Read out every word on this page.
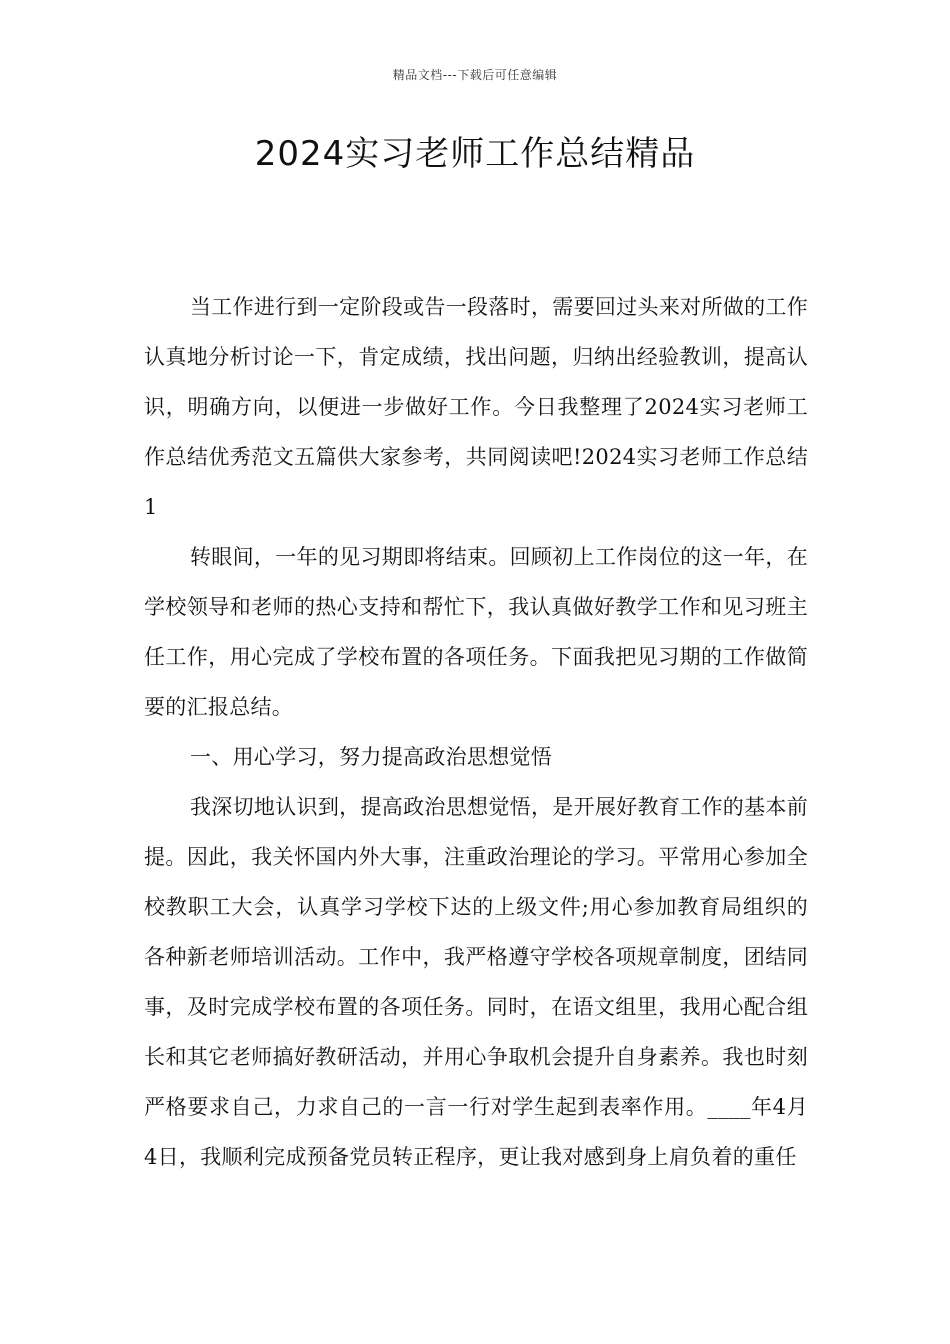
精品文档---下载后可任意编辑
2024实习老师工作总结精品

当工作进行到一定阶段或告一段落时，需要回过头来对所做的工作认真地分析讨论一下，肯定成绩，找出问题，归纳出经验教训，提高认识，明确方向，以便进一步做好工作。今日我整理了2024实习老师工作总结优秀范文五篇供大家参考，共同阅读吧!2024实习老师工作总结1

转眼间，一年的见习期即将结束。回顾初上工作岗位的这一年，在学校领导和老师的热心支持和帮忙下，我认真做好教学工作和见习班主任工作，用心完成了学校布置的各项任务。下面我把见习期的工作做简要的汇报总结。

一、用心学习，努力提高政治思想觉悟

我深切地认识到，提高政治思想觉悟，是开展好教育工作的基本前提。因此，我关怀国内外大事，注重政治理论的学习。平常用心参加全校教职工大会，认真学习学校下达的上级文件;用心参加教育局组织的各种新老师培训活动。工作中，我严格遵守学校各项规章制度，团结同事，及时完成学校布置的各项任务。同时，在语文组里，我用心配合组长和其它老师搞好教研活动，并用心争取机会提升自身素养。我也时刻严格要求自己，力求自己的一言一行对学生起到表率作用。____年4月4日，我顺利完成预备党员转正程序，更让我对感到身上肩负着的重任
